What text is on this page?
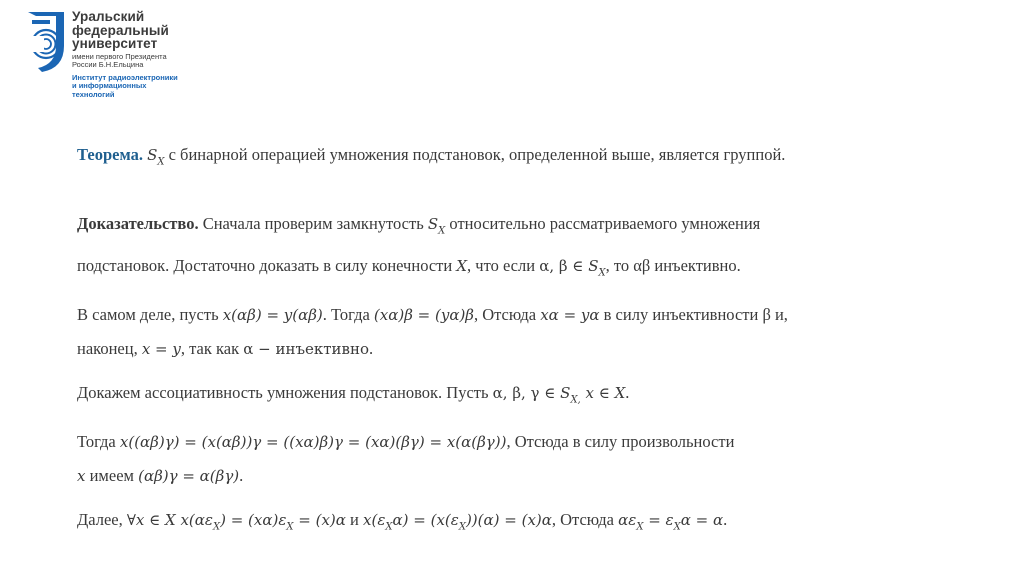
Уральский
федеральный
университет
имени первого Президента
России Б.Н.Ельцина
Институт радиоэлектроники
и информационных
технологий

Теорема. $S_X$ с бинарной операцией умножения подстановок, определенной выше, является группой.

Доказательство. Сначала проверим замкнутость $S_X$ относительно рассматриваемого умножения

подстановок. Достаточно доказать в силу конечности X, что если α, β ∈ $S_X$, то αβ инъективно.

В самом деле, пусть x(αβ) = y(αβ). Тогда (xα)β = (yα)β, Отсюда xα = yα в силу инъективности β и,

наконец, x = y, так как α − инъективно.

Докажем ассоциативность умножения подстановок. Пусть α, β, γ ∈ $S_{X,}$ x ∈ X.

Тогда x((αβ)γ) = (x(αβ))γ = ((xα)β)γ = (xα)(βγ) = x(α(βγ)), Отсюда в силу произвольности

x имеем (αβ)γ = α(βγ).

Далее, ∀x ∈ X $x(\alpha\varepsilon_X) = (x\alpha)\varepsilon_X = (x)\alpha$ и $x(\varepsilon_X\alpha) = (x(\varepsilon_X))(\alpha) = (x)\alpha$, Отсюда $\alpha\varepsilon_X = \varepsilon_X\alpha = \alpha$.
